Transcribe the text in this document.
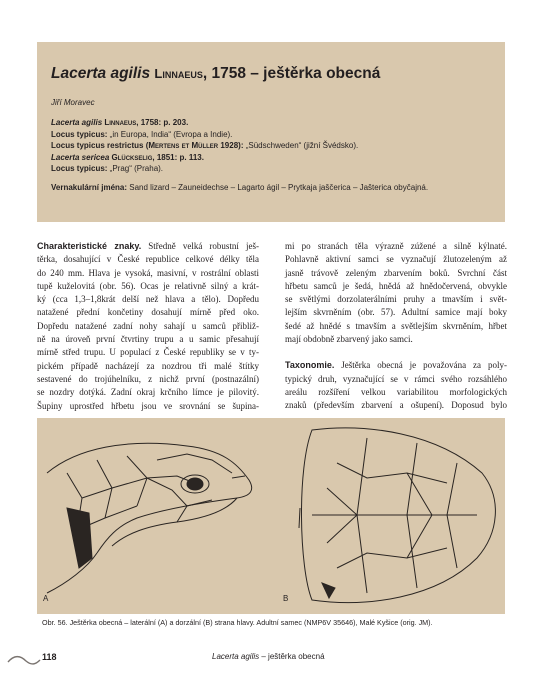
Lacerta agilis Linnaeus, 1758 – ještěrka obecná

Jiří Moravec
Lacerta agilis Linnaeus, 1758: p. 203.
Locus typicus: „in Europa, India“ (Evropa a Indie).
Locus typicus restrictus (Mertens et Müller 1928): „Südschweden“ (jižní Švédsko).
Lacerta sericea Glückselig, 1851: p. 113.
Locus typicus: „Prag“ (Praha).
Vernakulární jména: Sand lizard – Zauneidechse – Lagarto ágil – Prytkaja jaščerica – Jašterica obyčajná.
Charakteristické znaky. Středně velká robustní ješ-
těrka, dosahující v České republice celkové délky těla
do 240 mm. Hlava je vysoká, masivní, v rostrální oblasti
tupě kuželovitá (obr. 56). Ocas je relativně silný a krát-
ký (cca 1,3–1,8krát delší než hlava a tělo). Dopředu
natažené přední končetiny dosahují mírně před oko.
Dopředu natažené zadní nohy sahají u samců přibliž-
ně na úroveň první čtvrtiny trupu a u samic přesahují
mírně střed trupu. U populací z České republiky se v ty-
pickém případě nacházejí za nozdrou tři malé štítky
sestavené do trojúhelníku, z nichž první (postnazální)
se nozdry dotýká. Zadní okraj krčního límce je pilovitý.
Šupiny uprostřed hřbetu jsou ve srovnání se šupina-
mi po stranách těla výrazně zúžené a silně kýlnaté.
Pohlavně aktivní samci se vyznačují žlutozeleným až
jasně trávově zeleným zbarvením boků. Svrchní část
hřbetu samců je šedá, hnědá až hnědočervená, obvykle
se světlými dorzolaterálními pruhy a tmavším i svět-
lejším skvrněním (obr. 57). Adultní samice mají boky
šedé až hnědé s tmavším a světlejším skvrněním, hřbet
mají obdobně zbarvený jako samci.
Taxonomie. Ještěrka obecná je považována za poly-
typický druh, vyznačující se v rámci svého rozsáhlého
areálu rozšíření velkou variabilitou morfologických
znaků (především zbarvení a ošupení). Doposud bylo
A	B
Obr. 56. Ještěrka obecná – laterální (A) a dorzální (B) strana hlavy. Adultní samec (NMP6V 35646), Malé Kyšice (orig. JM).
118	Lacerta agilis – ještěrka obecná
